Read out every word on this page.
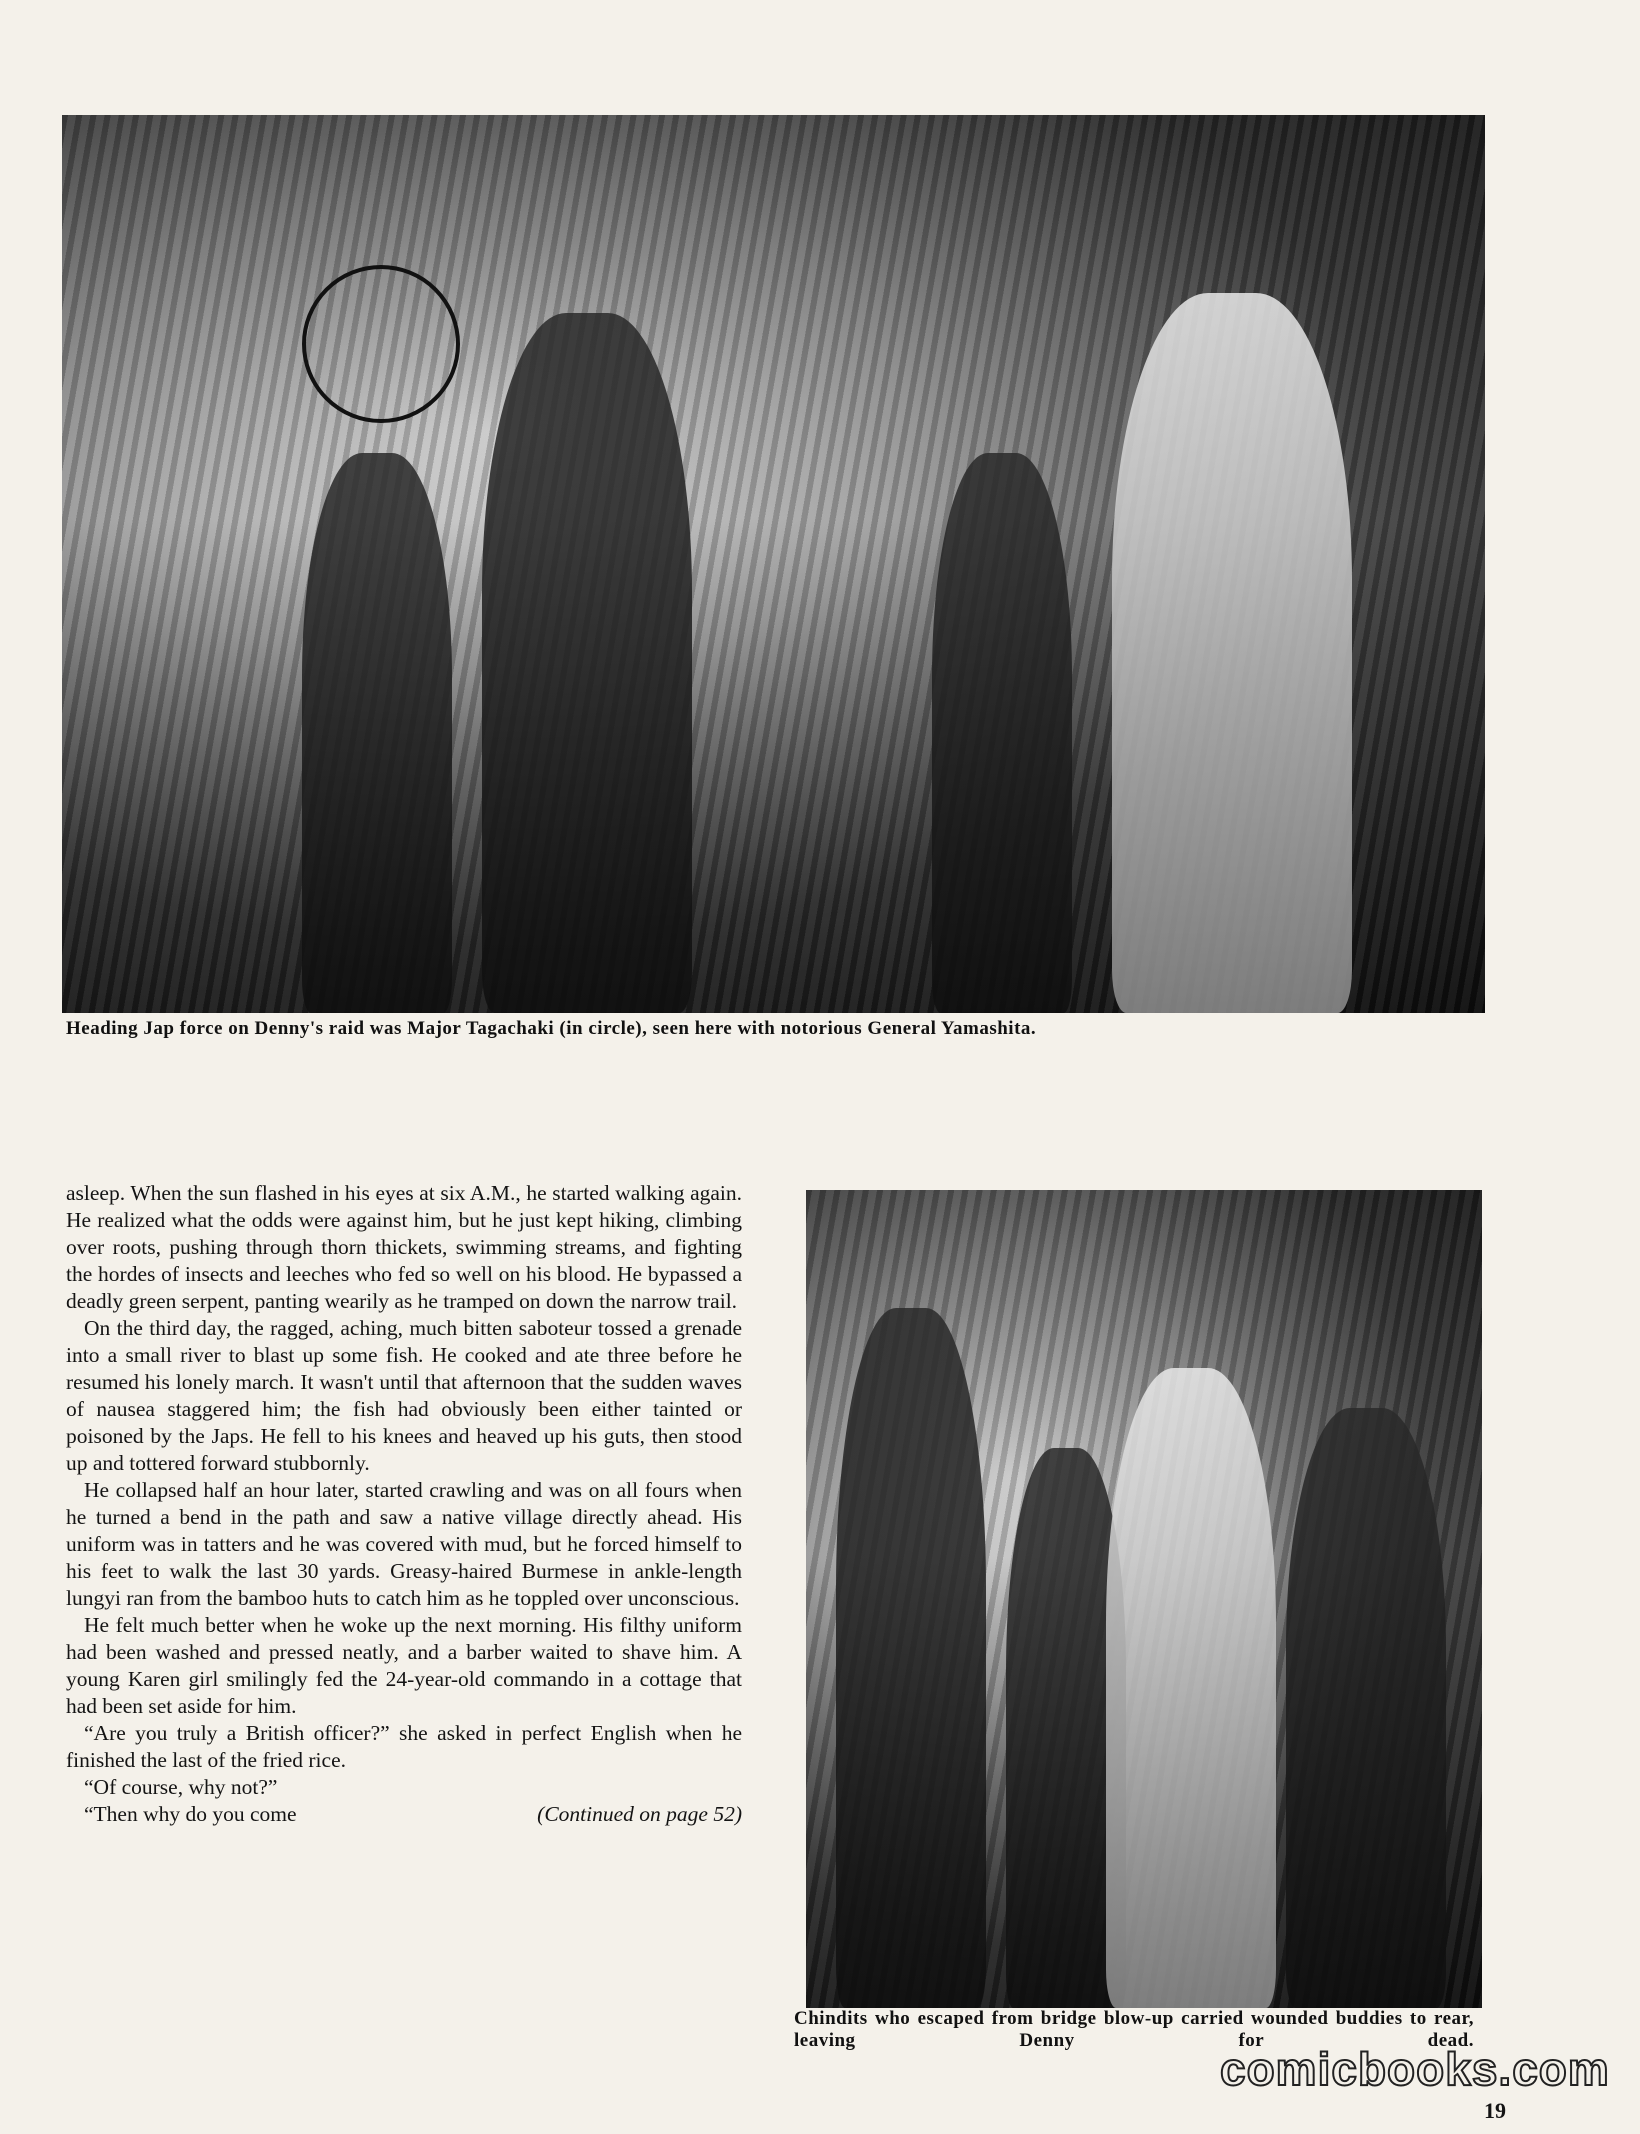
Heading Jap force on Denny's raid was Major Tagachaki (in circle), seen here with notorious General Yamashita.

asleep. When the sun flashed in his eyes at six A.M., he started walking again. He realized what the odds were against him, but he just kept hiking, climbing over roots, pushing through thorn thickets, swimming streams, and fighting the hordes of insects and leeches who fed so well on his blood. He bypassed a deadly green serpent, panting wearily as he tramped on down the narrow trail.

On the third day, the ragged, aching, much bitten saboteur tossed a grenade into a small river to blast up some fish. He cooked and ate three before he resumed his lonely march. It wasn't until that afternoon that the sudden waves of nausea staggered him; the fish had obviously been either tainted or poisoned by the Japs. He fell to his knees and heaved up his guts, then stood up and tottered forward stubbornly.

He collapsed half an hour later, started crawling and was on all fours when he turned a bend in the path and saw a native village directly ahead. His uniform was in tatters and he was covered with mud, but he forced himself to his feet to walk the last 30 yards. Greasy-haired Burmese in ankle-length lungyi ran from the bamboo huts to catch him as he toppled over unconscious.

He felt much better when he woke up the next morning. His filthy uniform had been washed and pressed neatly, and a barber waited to shave him. A young Karen girl smilingly fed the 24-year-old commando in a cottage that had been set aside for him.

“Are you truly a British officer?” she asked in perfect English when he finished the last of the fried rice.

“Of course, why not?”

“Then why do you come	(Continued on page 52)

Chindits who escaped from bridge blow-up carried wounded buddies to rear, leaving Denny for dead.
comicbooks.com
19
